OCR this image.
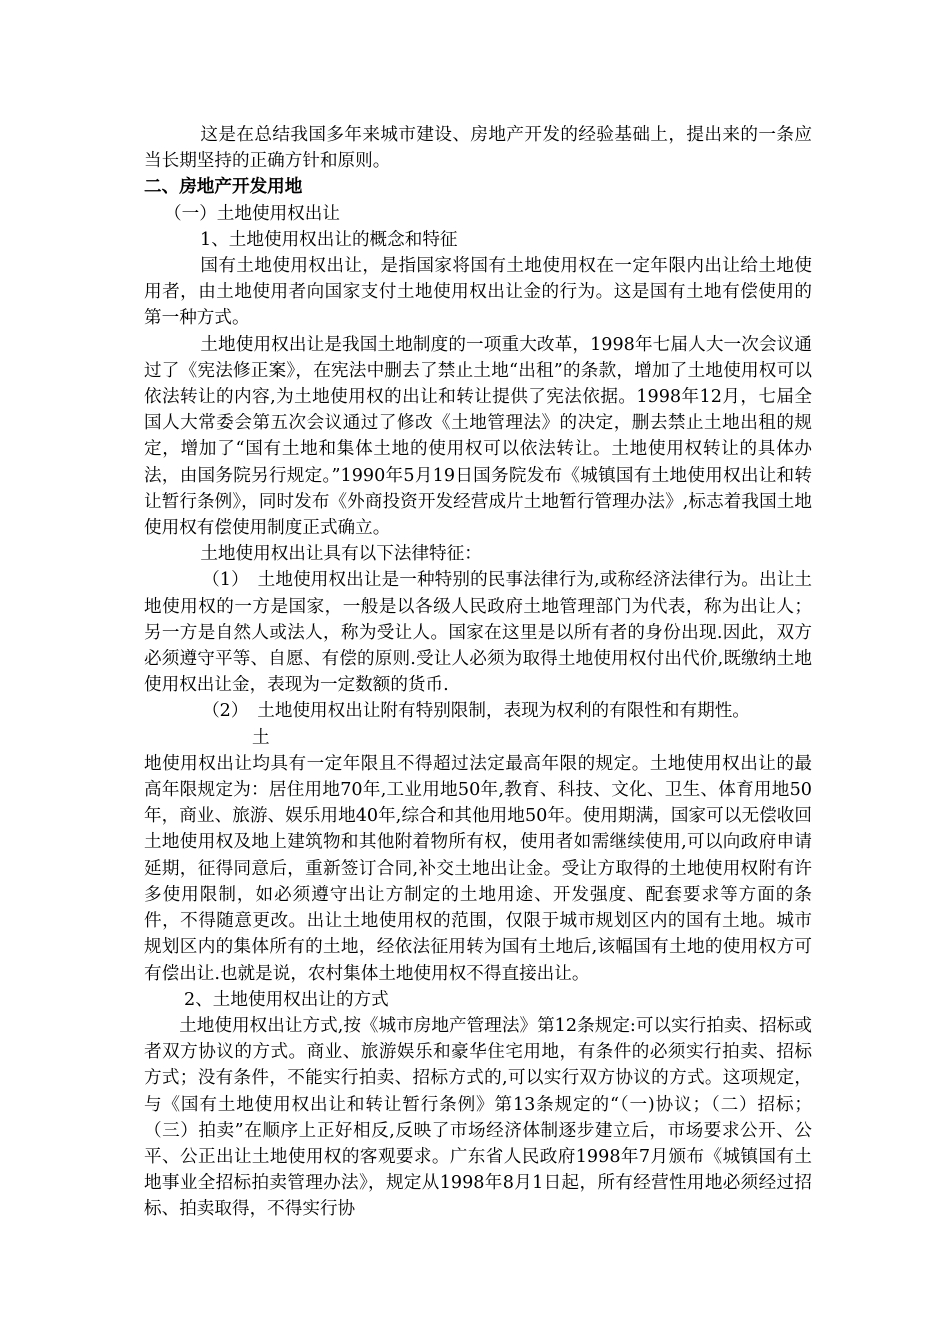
这是在总结我国多年来城市建设、房地产开发的经验基础上，提出来的一条应当长期坚持的正确方针和原则。

二、房地产开发用地

（一）土地使用权出让

1、土地使用权出让的概念和特征

国有土地使用权出让，是指国家将国有土地使用权在一定年限内出让给土地使用者，由土地使用者向国家支付土地使用权出让金的行为。这是国有土地有偿使用的第一种方式。

土地使用权出让是我国土地制度的一项重大改革，1998年七届人大一次会议通过了《宪法修正案》，在宪法中删去了禁止土地“出租”的条款，增加了土地使用权可以依法转让的内容,为土地使用权的出让和转让提供了宪法依据。1998年12月，七届全国人大常委会第五次会议通过了修改《土地管理法》的决定，删去禁止土地出租的规定，增加了“国有土地和集体土地的使用权可以依法转让。土地使用权转让的具体办法，由国务院另行规定。”1990年5月19日国务院发布《城镇国有土地使用权出让和转让暂行条例》，同时发布《外商投资开发经营成片土地暂行管理办法》,标志着我国土地使用权有偿使用制度正式确立。

土地使用权出让具有以下法律特征：

（1）　土地使用权出让是一种特别的民事法律行为,或称经济法律行为。出让土地使用权的一方是国家，一般是以各级人民政府土地管理部门为代表，称为出让人；另一方是自然人或法人，称为受让人。国家在这里是以所有者的身份出现.因此，双方必须遵守平等、自愿、有偿的原则.受让人必须为取得土地使用权付出代价,既缴纳土地使用权出让金，表现为一定数额的货币.

（2）　土地使用权出让附有特别限制，表现为权利的有限性和有期性。

土

地使用权出让均具有一定年限且不得超过法定最高年限的规定。土地使用权出让的最高年限规定为：居住用地70年,工业用地50年,教育、科技、文化、卫生、体育用地50年，商业、旅游、娱乐用地40年,综合和其他用地50年。使用期满，国家可以无偿收回土地使用权及地上建筑物和其他附着物所有权，使用者如需继续使用,可以向政府申请延期，征得同意后，重新签订合同,补交土地出让金。受让方取得的土地使用权附有许多使用限制，如必须遵守出让方制定的土地用途、开发强度、配套要求等方面的条件，不得随意更改。出让土地使用权的范围，仅限于城市规划区内的国有土地。城市规划区内的集体所有的土地，经依法征用转为国有土地后,该幅国有土地的使用权方可有偿出让.也就是说，农村集体土地使用权不得直接出让。

2、土地使用权出让的方式

土地使用权出让方式,按《城市房地产管理法》第12条规定:可以实行拍卖、招标或者双方协议的方式。商业、旅游娱乐和豪华住宅用地，有条件的必须实行拍卖、招标方式；没有条件，不能实行拍卖、招标方式的,可以实行双方协议的方式。这项规定，与《国有土地使用权出让和转让暂行条例》第13条规定的“（一)协议；（二）招标；（三）拍卖”在顺序上正好相反,反映了市场经济体制逐步建立后，市场要求公开、公平、公正出让土地使用权的客观要求。广东省人民政府1998年7月颁布《城镇国有土地事业全招标拍卖管理办法》，规定从1998年8月1日起，所有经营性用地必须经过招标、拍卖取得，不得实行协
